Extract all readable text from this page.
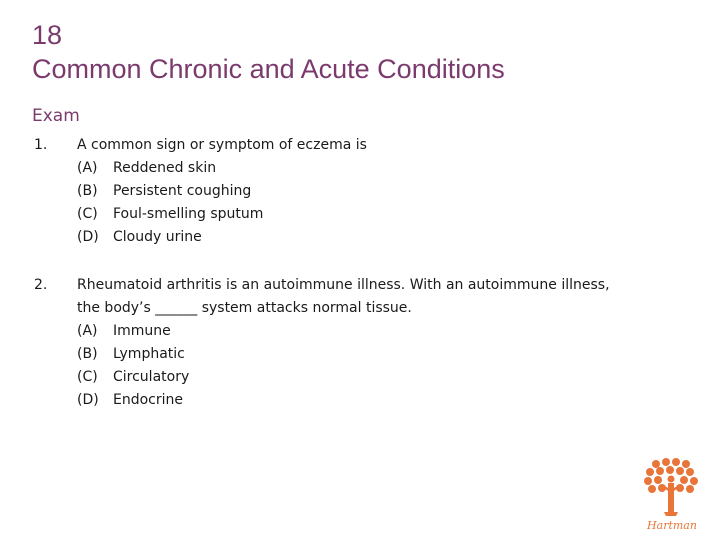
18
Common Chronic and Acute Conditions
Exam
1.	A common sign or symptom of eczema is
(A)	Reddened skin
(B)	Persistent coughing
(C)	Foul-smelling sputum
(D)	Cloudy urine
2.	Rheumatoid arthritis is an autoimmune illness. With an autoimmune illness,
the body’s ______ system attacks normal tissue.
(A)	Immune
(B)	Lymphatic
(C)	Circulatory
(D)	Endocrine
Hartman
